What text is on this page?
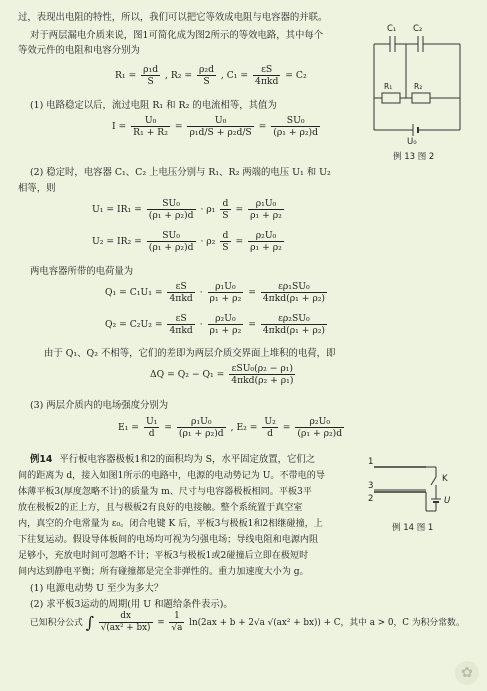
过，表现出电阻的特性，所以，我们可以把它等效成电阻与电容器的并联。
对于两层漏电介质来说，图1可简化成为图2所示的等效电路，其中每个
等效元件的电阻和电容分别为
$R_1 = \frac{\text{ρ₁d}}{S}$ , $R_2 = \frac{\text{ρ₂d}}{S}$ , $C_1 = \frac{\varepsilon S}{\text{4πkd}} = C_2$
(1) 电路稳定以后，流过电阻 R₁ 和 R₂ 的电流相等，其值为
$I = \frac{\text{U₀}}{\text{R₁ + R₂}} = \frac{\text{U₀}}{\text{ρ₁d/S + ρ₂d/S}} = \frac{\text{SU₀}}{\text{(ρ₁ + ρ₂)d}}$
(2) 稳定时，电容器 C₁、C₂ 上电压分别与 R₁、R₂ 两端的电压 U₁ 和 U₂
相等，则
$U_1 = IR_1 = \frac{\text{SU₀}}{\text{(ρ₁ + ρ₂)d}} \cdot \rho_1 \frac{d}{S} = \frac{\text{ρ₁U₀}}{\text{ρ₁ + ρ₂}}$
$U_2 = IR_2 = \frac{\text{SU₀}}{\text{(ρ₁ + ρ₂)d}} \cdot \rho_2 \frac{d}{S} = \frac{\text{ρ₂U₀}}{\text{ρ₁ + ρ₂}}$
两电容器所带的电荷量为
$Q_1 = C_1U_1 = \frac{\varepsilon S}{\text{4πkd}} \cdot \frac{\text{ρ₁U₀}}{\text{ρ₁ + ρ₂}} = \frac{\text{ερ₁SU₀}}{\text{4πkd(ρ₁ + ρ₂)}}$
$Q_2 = C_2U_2 = \frac{\varepsilon S}{\text{4πkd}} \cdot \frac{\text{ρ₂U₀}}{\text{ρ₁ + ρ₂}} = \frac{\text{ερ₂SU₀}}{\text{4πkd(ρ₁ + ρ₂)}}$
由于 Q₁、Q₂ 不相等，它们的差即为两层介质交界面上堆积的电荷，即
$\Delta Q = Q_2 - Q_1 = \frac{\text{εSU₀(ρ₂ − ρ₁)}}{\text{4πkd(ρ₂ + ρ₁)}}$
(3) 两层介质内的电场强度分别为
$E_1 = \frac{\text{U₁}}{d} = \frac{\text{ρ₁U₀}}{\text{(ρ₁ + ρ₂)d}}$ , $E_2 = \frac{\text{U₂}}{d} = \frac{\text{ρ₂U₀}}{\text{(ρ₁ + ρ₂)d}}$
例14 平行板电容器极板1和2的面积均为 S，水平固定放置，它们之
间的距离为 d，接入如图1所示的电路中，电源的电动势记为 U。不带电的导
体薄平板3(厚度忽略不计)的质量为 m、尺寸与电容器极板相同。平板3平
放在极板2的正上方，且与极板2有良好的电接触。整个系统置于真空室
内，真空的介电常量为 ε₀。闭合电键 K 后，平板3与极板1和2相继碰撞，上
下往复运动。假设导体板间的电场均可视为匀强电场；导线电阻和电源内阻
足够小，充放电时间可忽略不计；平板3与极板1或2碰撞后立即在极短时
间内达到静电平衡；所有碰撞都是完全非弹性的。重力加速度大小为 g。
(1) 电源电动势 U 至少为多大？
(2) 求平板3运动的周期(用 U 和题给条件表示)。
已知积分公式 ∫ $\frac{dx}{\text{√(ax² + bx)}} = \frac{1}{√a} \ln(2ax + b + 2√a$ √(ax² + bx)) + C，其中 a > 0，C 为积分常数。
C₁ C₂
R₁	R₂
U₀
例 13 图 2
1
3
2
K
U
例 14 图 1
✿
